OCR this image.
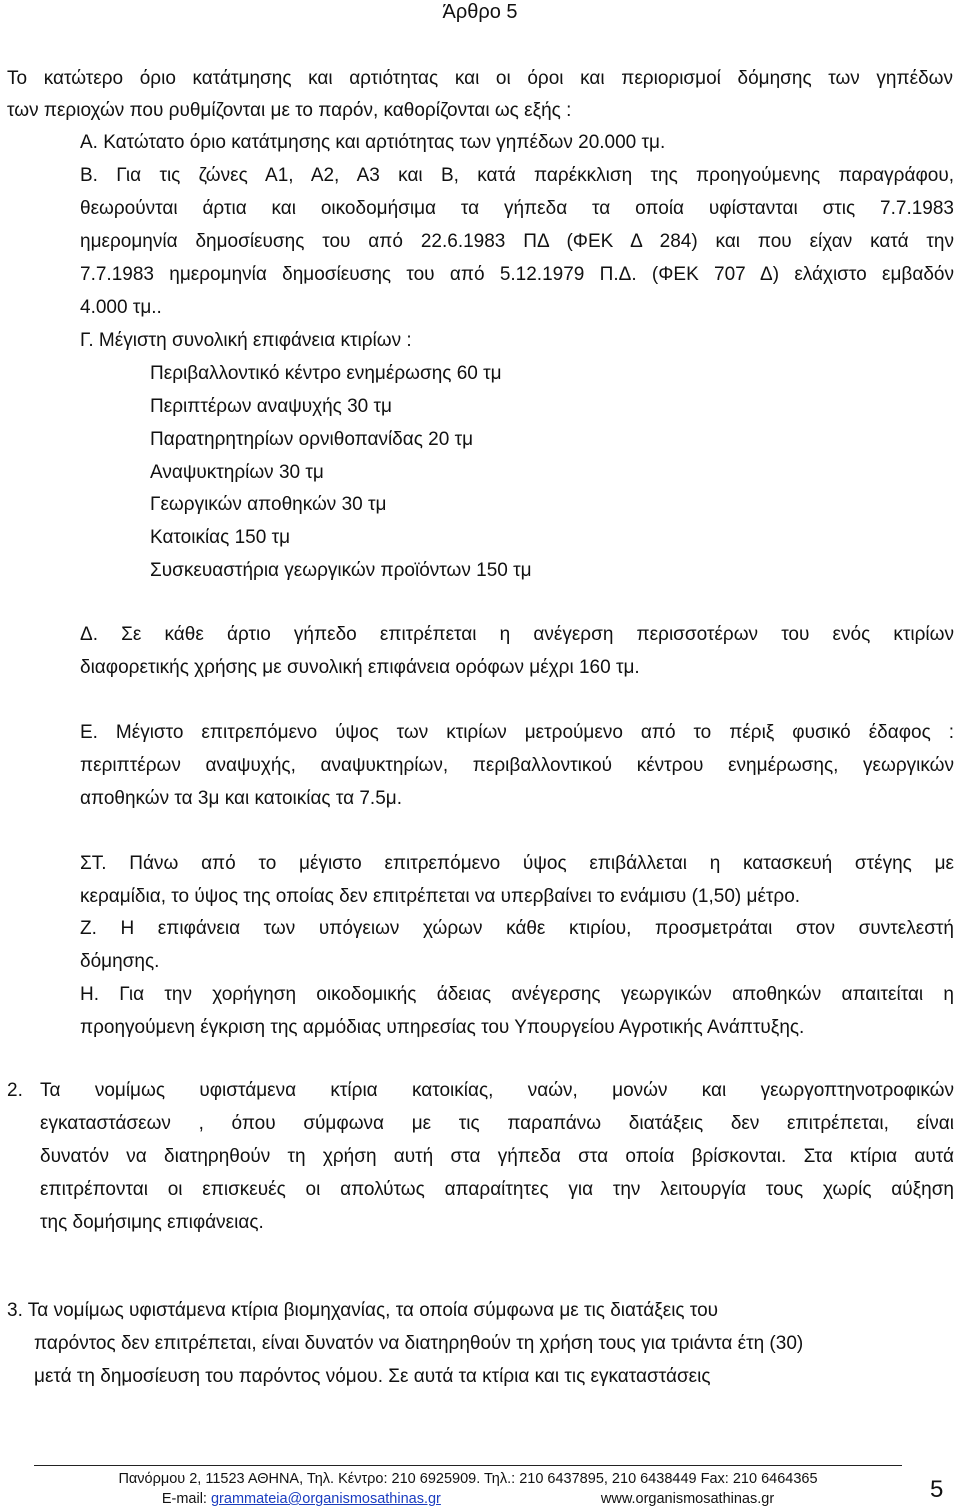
Άρθρο 5
Το κατώτερο όριο κατάτμησης και αρτιότητας και οι όροι και περιορισμοί δόμησης των γηπέδων
των περιοχών που ρυθμίζονται με το παρόν, καθορίζονται ως εξής :
Α. Κατώτατο όριο κατάτμησης και αρτιότητας των γηπέδων 20.000 τμ.
Β. Για τις ζώνες Α1, Α2, Α3 και Β, κατά παρέκκλιση της προηγούμενης παραγράφου,
θεωρούνται άρτια και οικοδομήσιμα τα γήπεδα τα οποία υφίστανται στις 7.7.1983
ημερομηνία δημοσίευσης του από 22.6.1983 ΠΔ (ΦΕΚ Δ 284) και που είχαν κατά την
7.7.1983 ημερομηνία δημοσίευσης του από 5.12.1979 Π.Δ. (ΦΕΚ 707 Δ) ελάχιστο εμβαδόν
4.000 τμ..
Γ. Μέγιστη συνολική επιφάνεια κτιρίων :
Περιβαλλοντικό κέντρο ενημέρωσης 60 τμ
Περιπτέρων αναψυχής 30 τμ
Παρατηρητηρίων ορνιθοπανίδας 20 τμ
Αναψυκτηρίων 30 τμ
Γεωργικών αποθηκών 30 τμ
Κατοικίας 150 τμ
Συσκευαστήρια γεωργικών προϊόντων 150 τμ
Δ. Σε κάθε άρτιο γήπεδο επιτρέπεται η ανέγερση περισσοτέρων του ενός κτιρίων
διαφορετικής χρήσης με συνολική επιφάνεια ορόφων μέχρι 160 τμ.
Ε. Μέγιστο επιτρεπόμενο ύψος των κτιρίων μετρούμενο από το πέριξ φυσικό έδαφος :
περιπτέρων αναψυχής, αναψυκτηρίων, περιβαλλοντικού κέντρου ενημέρωσης, γεωργικών
αποθηκών τα 3μ και κατοικίας τα 7.5μ.
ΣΤ. Πάνω από το μέγιστο επιτρεπόμενο ύψος επιβάλλεται η κατασκευή στέγης με
κεραμίδια, το ύψος της οποίας δεν επιτρέπεται να υπερβαίνει το ενάμισυ (1,50) μέτρο.
Ζ. Η επιφάνεια των υπόγειων χώρων κάθε κτιρίου, προσμετράται στον συντελεστή
δόμησης.
Η. Για την χορήγηση οικοδομικής άδειας ανέγερσης γεωργικών αποθηκών απαιτείται η
προηγούμενη έγκριση της αρμόδιας υπηρεσίας του Υπουργείου Αγροτικής Ανάπτυξης.
2. Τα νομίμως υφιστάμενα κτίρια κατοικίας, ναών, μονών και γεωργοπτηνοτροφικών
εγκαταστάσεων , όπου σύμφωνα με τις παραπάνω διατάξεις δεν επιτρέπεται, είναι
δυνατόν να διατηρηθούν τη χρήση αυτή στα γήπεδα στα οποία βρίσκονται. Στα κτίρια αυτά
επιτρέπονται οι επισκευές οι απολύτως απαραίτητες για την λειτουργία τους χωρίς αύξηση
της δομήσιμης επιφάνειας.
3. Τα νομίμως υφιστάμενα κτίρια βιομηχανίας, τα οποία σύμφωνα με τις διατάξεις του
παρόντος δεν επιτρέπεται, είναι δυνατόν να διατηρηθούν τη χρήση τους για τριάντα έτη (30)
μετά τη δημοσίευση του παρόντος νόμου. Σε αυτά τα κτίρια και τις εγκαταστάσεις
Πανόρμου 2, 11523 ΑΘΗΝΑ, Τηλ. Κέντρο: 210 6925909. Τηλ.: 210 6437895, 210 6438449 Fax: 210 6464365
E-mail: grammateia@organismosathinas.gr	www.organismosathinas.gr	5
